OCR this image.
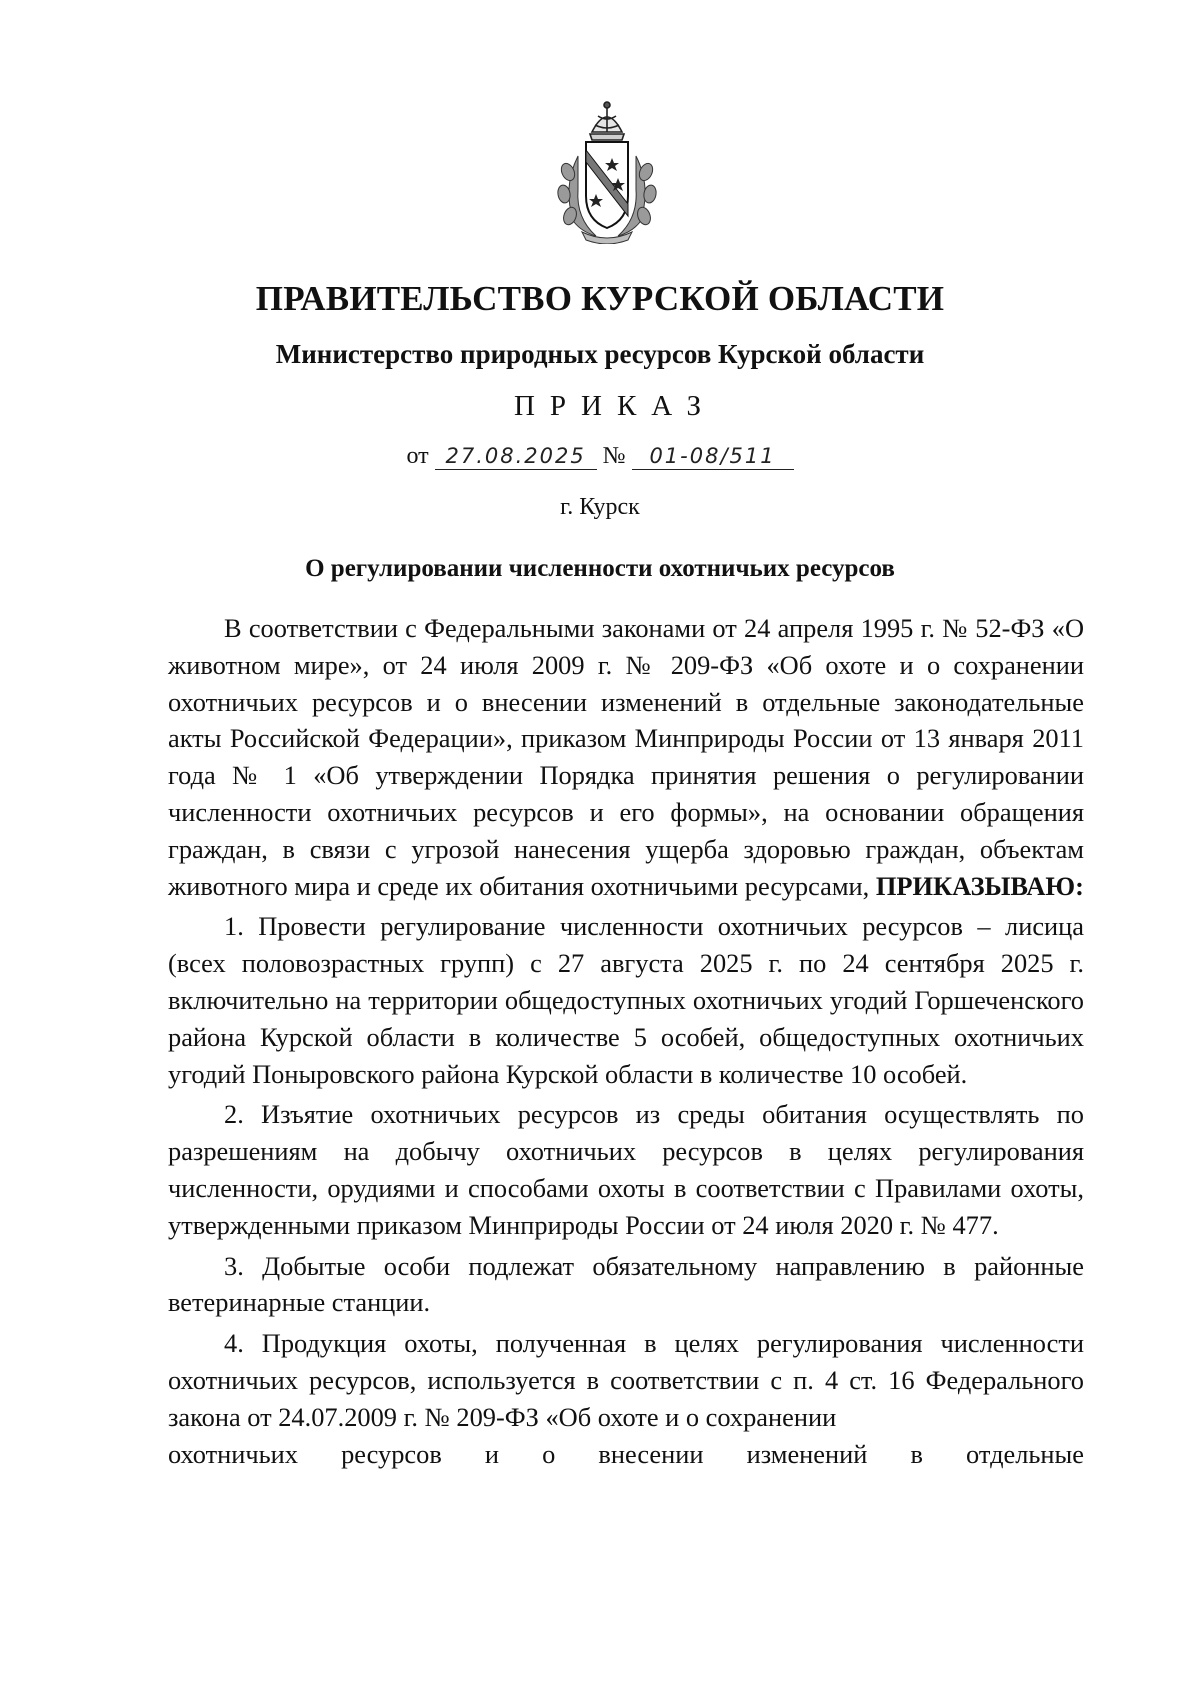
ПРАВИТЕЛЬСТВО КУРСКОЙ ОБЛАСТИ
Министерство природных ресурсов Курской области
ПРИКАЗ
от 27.08.2025 № 01-08/511
г. Курск
О регулировании численности охотничьих ресурсов

В соответствии с Федеральными законами от 24 апреля 1995 г. № 52-ФЗ «О животном мире», от 24 июля 2009 г. № 209-ФЗ «Об охоте и о сохранении охотничьих ресурсов и о внесении изменений в отдельные законодательные акты Российской Федерации», приказом Минприроды России от 13 января 2011 года № 1 «Об утверждении Порядка принятия решения о регулировании численности охотничьих ресурсов и его формы», на основании обращения граждан, в связи с угрозой нанесения ущерба здоровью граждан, объектам животного мира и среде их обитания охотничьими ресурсами, ПРИКАЗЫВАЮ:

1. Провести регулирование численности охотничьих ресурсов – лисица (всех половозрастных групп) с 27 августа 2025 г. по 24 сентября 2025 г. включительно на территории общедоступных охотничьих угодий Горшеченского района Курской области в количестве 5 особей, общедоступных охотничьих угодий Поныровского района Курской области в количестве 10 особей.

2. Изъятие охотничьих ресурсов из среды обитания осуществлять по разрешениям на добычу охотничьих ресурсов в целях регулирования численности, орудиями и способами охоты в соответствии с Правилами охоты, утвержденными приказом Минприроды России от 24 июля 2020 г. № 477.

3. Добытые особи подлежат обязательному направлению в районные ветеринарные станции.

4. Продукция охоты, полученная в целях регулирования численности охотничьих ресурсов, используется в соответствии с п. 4 ст. 16 Федерального закона от 24.07.2009 г. № 209-ФЗ «Об охоте и о сохранении

охотничьих ресурсов и о внесении изменений в отдельные
